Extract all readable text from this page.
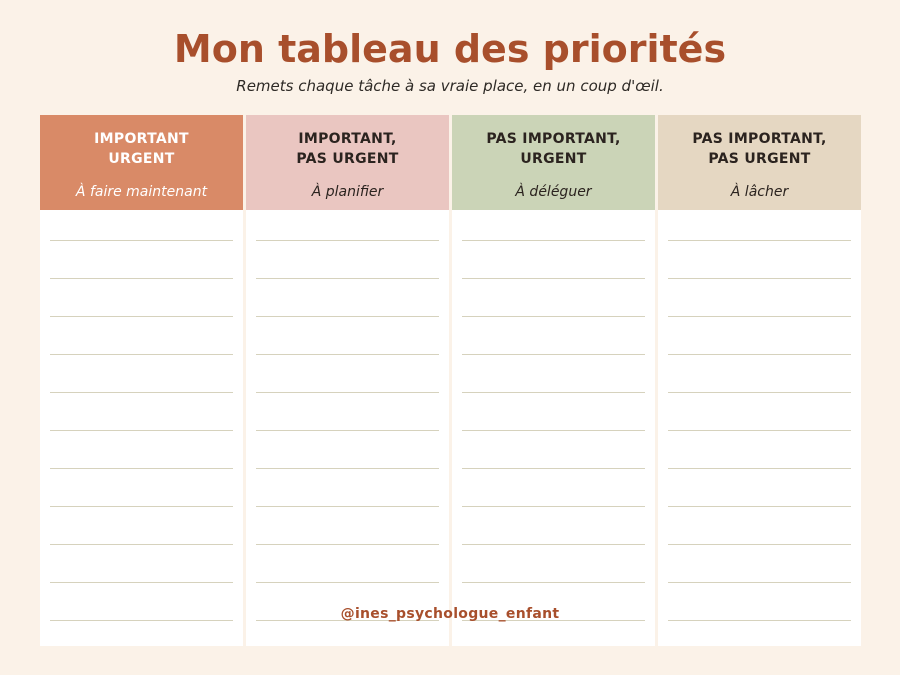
Mon tableau des priorités
Remets chaque tâche à sa vraie place, en un coup d'œil.
IMPORTANT
URGENT
À faire maintenant
IMPORTANT,
PAS URGENT
À planifier
PAS IMPORTANT,
URGENT
À déléguer
PAS IMPORTANT,
PAS URGENT
À lâcher
@ines_psychologue_enfant
